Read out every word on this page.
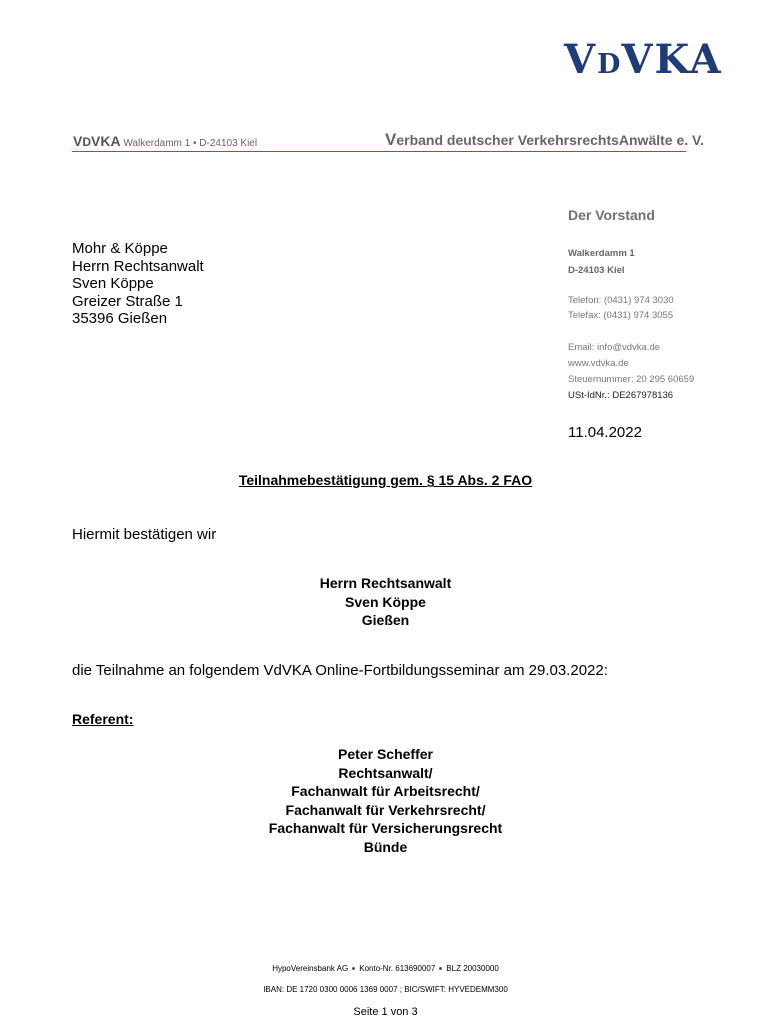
VDVKA
VDVKA Walkerdamm 1 • D-24103 Kiel	Verband deutscher VerkehrsrechtsAnwälte e. V.
Der Vorstand
Walkerdamm 1
D-24103 Kiel
Telefon: (0431) 974 3030
Telefax: (0431) 974 3055
Email: info@vdvka.de
www.vdvka.de
Steuernummer: 20 295 60659
USt-IdNr.: DE267978136
Mohr & Köppe
Herrn Rechtsanwalt
Sven Köppe
Greizer Straße 1
35396 Gießen
11.04.2022
Teilnahmebestätigung gem. § 15 Abs. 2 FAO
Hiermit bestätigen wir
Herrn Rechtsanwalt
Sven Köppe
Gießen
die Teilnahme an folgendem VdVKA Online-Fortbildungsseminar am 29.03.2022:
Referent:
Peter Scheffer
Rechtsanwalt/
Fachanwalt für Arbeitsrecht/
Fachanwalt für Verkehrsrecht/
Fachanwalt für Versicherungsrecht
Bünde
HypoVereinsbank AG Konto-Nr. 613690007 BLZ 20030000
IBAN: DE 1720 0300 0006 1369 0007 ; BIC/SWIFT: HYVEDEMM300
Seite 1 von 3
